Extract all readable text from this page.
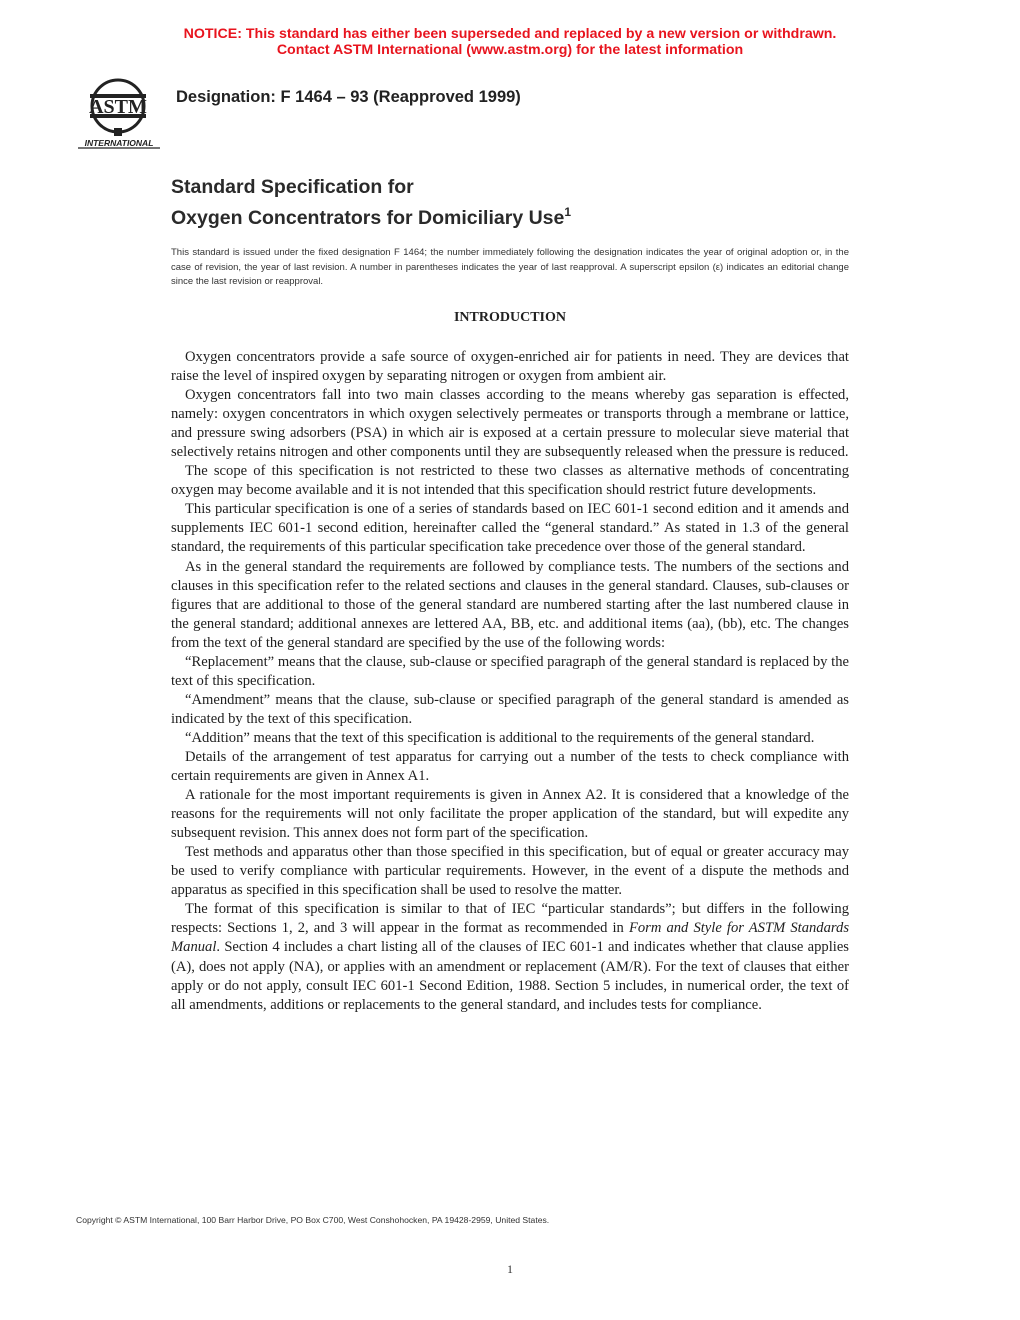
NOTICE: This standard has either been superseded and replaced by a new version or withdrawn.
Contact ASTM International (www.astm.org) for the latest information
ASTM
INTERNATIONAL
Designation: F 1464 – 93 (Reapproved 1999)
Standard Specification for
Oxygen Concentrators for Domiciliary Use$^1$
This standard is issued under the fixed designation F 1464; the number immediately following the designation indicates the year of original adoption or, in the case of revision, the year of last revision. A number in parentheses indicates the year of last reapproval. A superscript epsilon (ε) indicates an editorial change since the last revision or reapproval.
INTRODUCTION

Oxygen concentrators provide a safe source of oxygen-enriched air for patients in need. They are devices that raise the level of inspired oxygen by separating nitrogen or oxygen from ambient air.

Oxygen concentrators fall into two main classes according to the means whereby gas separation is effected, namely: oxygen concentrators in which oxygen selectively permeates or transports through a membrane or lattice, and pressure swing adsorbers (PSA) in which air is exposed at a certain pressure to molecular sieve material that selectively retains nitrogen and other components until they are subsequently released when the pressure is reduced.

The scope of this specification is not restricted to these two classes as alternative methods of concentrating oxygen may become available and it is not intended that this specification should restrict future developments.

This particular specification is one of a series of standards based on IEC 601-1 second edition and it amends and supplements IEC 601-1 second edition, hereinafter called the “general standard.” As stated in 1.3 of the general standard, the requirements of this particular specification take precedence over those of the general standard.

As in the general standard the requirements are followed by compliance tests. The numbers of the sections and clauses in this specification refer to the related sections and clauses in the general standard. Clauses, sub-clauses or figures that are additional to those of the general standard are numbered starting after the last numbered clause in the general standard; additional annexes are lettered AA, BB, etc. and additional items (aa), (bb), etc. The changes from the text of the general standard are specified by the use of the following words:

“Replacement” means that the clause, sub-clause or specified paragraph of the general standard is replaced by the text of this specification.

“Amendment” means that the clause, sub-clause or specified paragraph of the general standard is amended as indicated by the text of this specification.

“Addition” means that the text of this specification is additional to the requirements of the general standard.

Details of the arrangement of test apparatus for carrying out a number of the tests to check compliance with certain requirements are given in Annex A1.

A rationale for the most important requirements is given in Annex A2. It is considered that a knowledge of the reasons for the requirements will not only facilitate the proper application of the standard, but will expedite any subsequent revision. This annex does not form part of the specification.

Test methods and apparatus other than those specified in this specification, but of equal or greater accuracy may be used to verify compliance with particular requirements. However, in the event of a dispute the methods and apparatus as specified in this specification shall be used to resolve the matter.

The format of this specification is similar to that of IEC “particular standards”; but differs in the following respects: Sections 1, 2, and 3 will appear in the format as recommended in Form and Style for ASTM Standards Manual. Section 4 includes a chart listing all of the clauses of IEC 601-1 and indicates whether that clause applies (A), does not apply (NA), or applies with an amendment or replacement (AM/R). For the text of clauses that either apply or do not apply, consult IEC 601-1 Second Edition, 1988. Section 5 includes, in numerical order, the text of all amendments, additions or replacements to the general standard, and includes tests for compliance.

Copyright © ASTM International, 100 Barr Harbor Drive, PO Box C700, West Conshohocken, PA 19428-2959, United States.
1
